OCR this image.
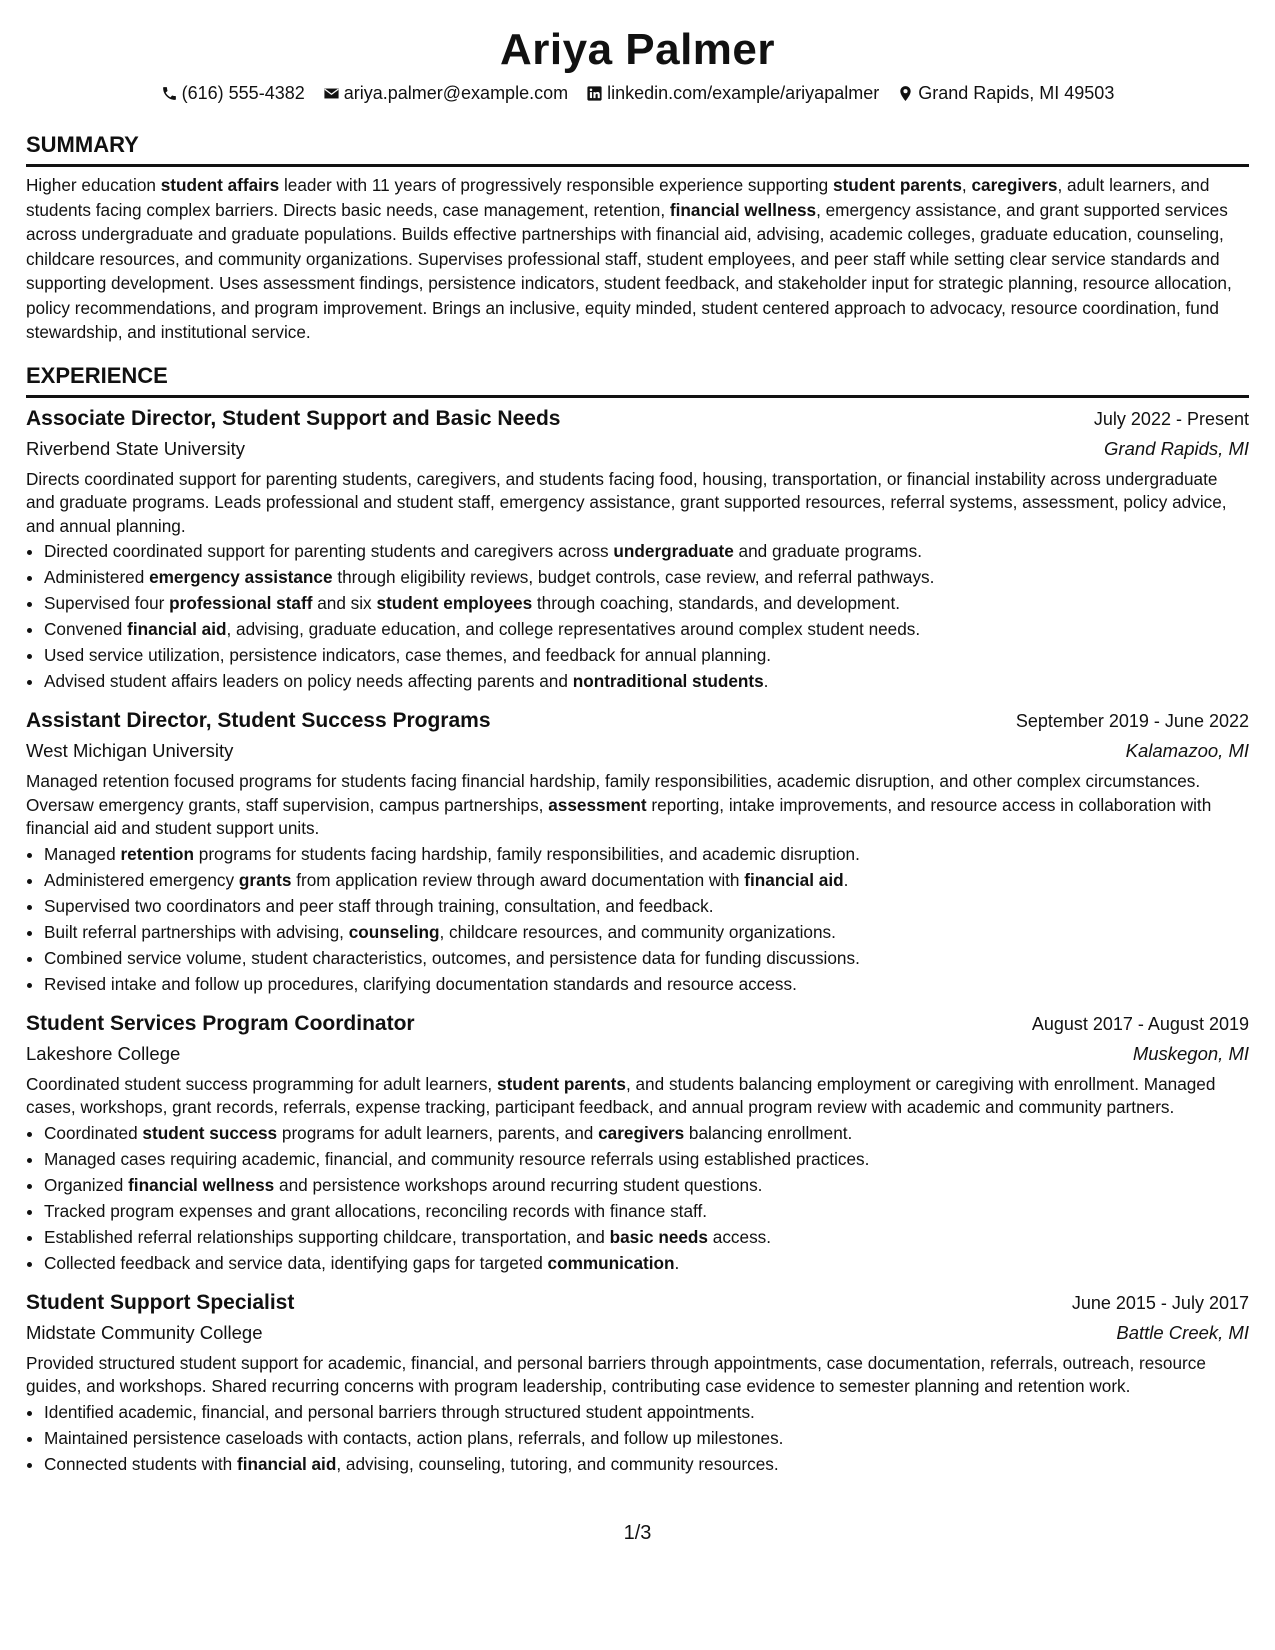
Ariya Palmer
(616) 555-4382 ariya.palmer@example.com linkedin.com/example/ariyapalmer Grand Rapids, MI 49503
SUMMARY
Higher education student affairs leader with 11 years of progressively responsible experience supporting student parents, caregivers, adult learners, and students facing complex barriers. Directs basic needs, case management, retention, financial wellness, emergency assistance, and grant supported services across undergraduate and graduate populations. Builds effective partnerships with financial aid, advising, academic colleges, graduate education, counseling, childcare resources, and community organizations. Supervises professional staff, student employees, and peer staff while setting clear service standards and supporting development. Uses assessment findings, persistence indicators, student feedback, and stakeholder input for strategic planning, resource allocation, policy recommendations, and program improvement. Brings an inclusive, equity minded, student centered approach to advocacy, resource coordination, fund stewardship, and institutional service.
EXPERIENCE
Associate Director, Student Support and Basic Needs	July 2022 - Present
Riverbend State University	Grand Rapids, MI
Directs coordinated support for parenting students, caregivers, and students facing food, housing, transportation, or financial instability across undergraduate and graduate programs. Leads professional and student staff, emergency assistance, grant supported resources, referral systems, assessment, policy advice, and annual planning.
• Directed coordinated support for parenting students and caregivers across undergraduate and graduate programs.
• Administered emergency assistance through eligibility reviews, budget controls, case review, and referral pathways.
• Supervised four professional staff and six student employees through coaching, standards, and development.
• Convened financial aid, advising, graduate education, and college representatives around complex student needs.
• Used service utilization, persistence indicators, case themes, and feedback for annual planning.
• Advised student affairs leaders on policy needs affecting parents and nontraditional students.
Assistant Director, Student Success Programs	September 2019 - June 2022
West Michigan University	Kalamazoo, MI
Managed retention focused programs for students facing financial hardship, family responsibilities, academic disruption, and other complex circumstances. Oversaw emergency grants, staff supervision, campus partnerships, assessment reporting, intake improvements, and resource access in collaboration with financial aid and student support units.
• Managed retention programs for students facing hardship, family responsibilities, and academic disruption.
• Administered emergency grants from application review through award documentation with financial aid.
• Supervised two coordinators and peer staff through training, consultation, and feedback.
• Built referral partnerships with advising, counseling, childcare resources, and community organizations.
• Combined service volume, student characteristics, outcomes, and persistence data for funding discussions.
• Revised intake and follow up procedures, clarifying documentation standards and resource access.
Student Services Program Coordinator	August 2017 - August 2019
Lakeshore College	Muskegon, MI
Coordinated student success programming for adult learners, student parents, and students balancing employment or caregiving with enrollment. Managed cases, workshops, grant records, referrals, expense tracking, participant feedback, and annual program review with academic and community partners.
• Coordinated student success programs for adult learners, parents, and caregivers balancing enrollment.
• Managed cases requiring academic, financial, and community resource referrals using established practices.
• Organized financial wellness and persistence workshops around recurring student questions.
• Tracked program expenses and grant allocations, reconciling records with finance staff.
• Established referral relationships supporting childcare, transportation, and basic needs access.
• Collected feedback and service data, identifying gaps for targeted communication.
Student Support Specialist	June 2015 - July 2017
Midstate Community College	Battle Creek, MI
Provided structured student support for academic, financial, and personal barriers through appointments, case documentation, referrals, outreach, resource guides, and workshops. Shared recurring concerns with program leadership, contributing case evidence to semester planning and retention work.
• Identified academic, financial, and personal barriers through structured student appointments.
• Maintained persistence caseloads with contacts, action plans, referrals, and follow up milestones.
• Connected students with financial aid, advising, counseling, tutoring, and community resources.
1/3
